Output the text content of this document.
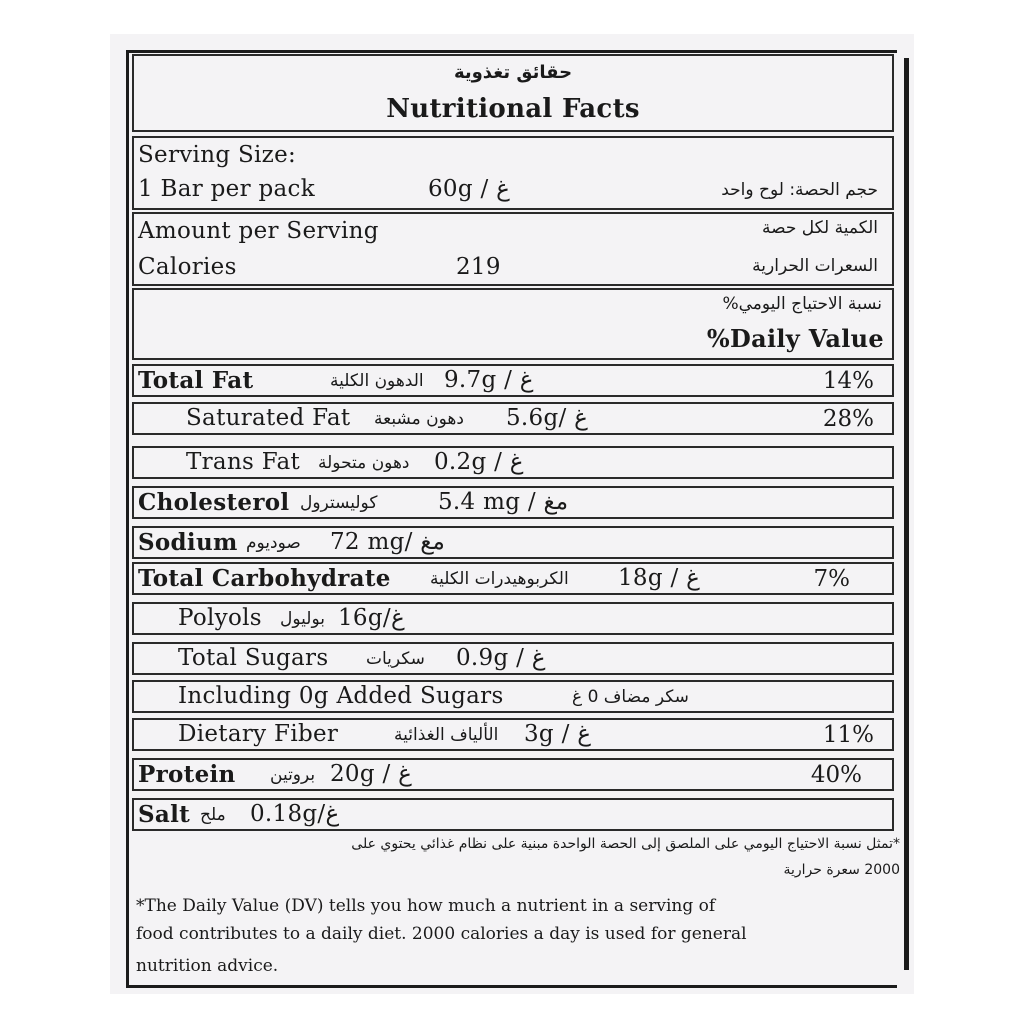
حقائق تغذوية
Nutritional Facts
Serving Size:
1 Bar per pack	60g / غ	حجم الحصة: لوح واحد
Amount per Serving	الكمية لكل حصة
Calories	219	السعرات الحرارية
نسبة الاحتياج اليومي%
%Daily Value
Total Fat	الدهون الكلية 9.7g / غ	14%
Saturated Fat دهون مشبعة 5.6g/ غ	28%
Trans Fat دهون متحولة 0.2g / غ
Cholesterol كوليسترول	5.4 mg / مغ
Sodium صوديوم 72 mg/ مغ
Total Carbohydrate الكربوهيدرات الكلية 18g / غ	7%
Polyols بوليول 16g/غ
Total Sugars سكريات 0.9g / غ
Including 0g Added Sugars	سكر مضاف 0 غ
Dietary Fiber	الألياف الغذائية 3g / غ	11%
Protein بروتين 20g / غ	40%
Salt ملح 0.18g/غ
*تمثل نسبة الاحتياج اليومي على الملصق إلى الحصة الواحدة مبنية على نظام غذائي يحتوي على
2000 سعرة حرارية
*The Daily Value (DV) tells you how much a nutrient in a serving of
food contributes to a daily diet. 2000 calories a day is used for general
nutrition advice.
